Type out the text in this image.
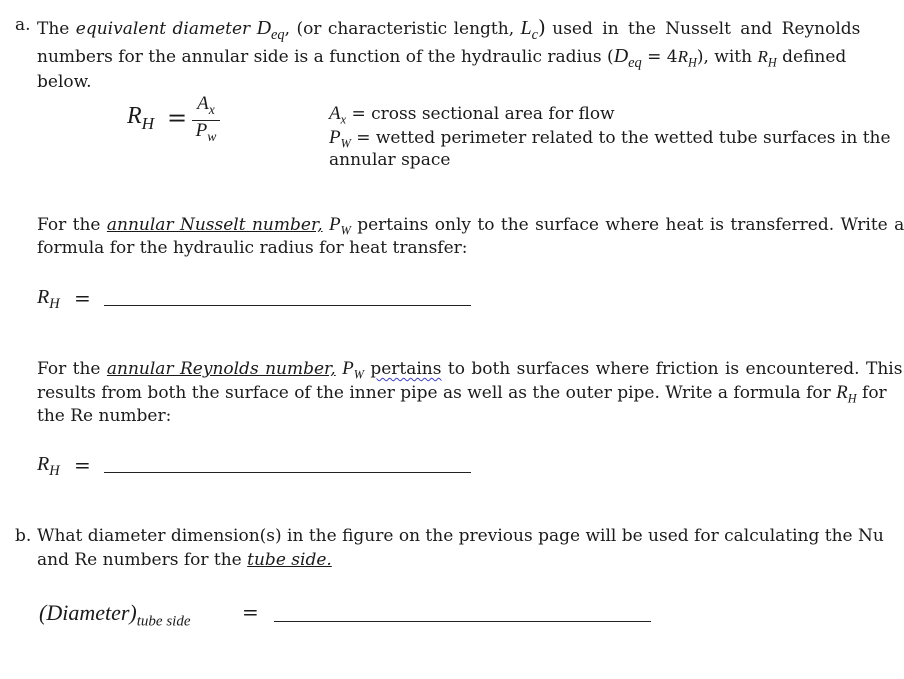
a. The equivalent diameter $D_{eq}$, (or characteristic length, $L_c$) used in the Nusselt and Reynolds
numbers for the annular side is a function of the hydraulic radius $(D_{eq} = 4R_H)$, with $R_H$ defined
below.
$R_H$ =
$A_x$
$P_w$
$A_x$ = cross sectional area for flow
$P_W$ = wetted perimeter related to the wetted tube surfaces in the
annular space
For the annular Nusselt number, $P_W$ pertains only to the surface where heat is transferred. Write a
formula for the hydraulic radius for heat transfer:
$R_H$ =
For the annular Reynolds number, $P_W$ pertains to both surfaces where friction is encountered. This
results from both the surface of the inner pipe as well as the outer pipe. Write a formula for $R_H$ for
the Re number:
$R_H$ =
b. What diameter dimension(s) in the figure on the previous page will be used for calculating the Nu
and Re numbers for the tube side.
$(Diameter)_{tube side}$	=
